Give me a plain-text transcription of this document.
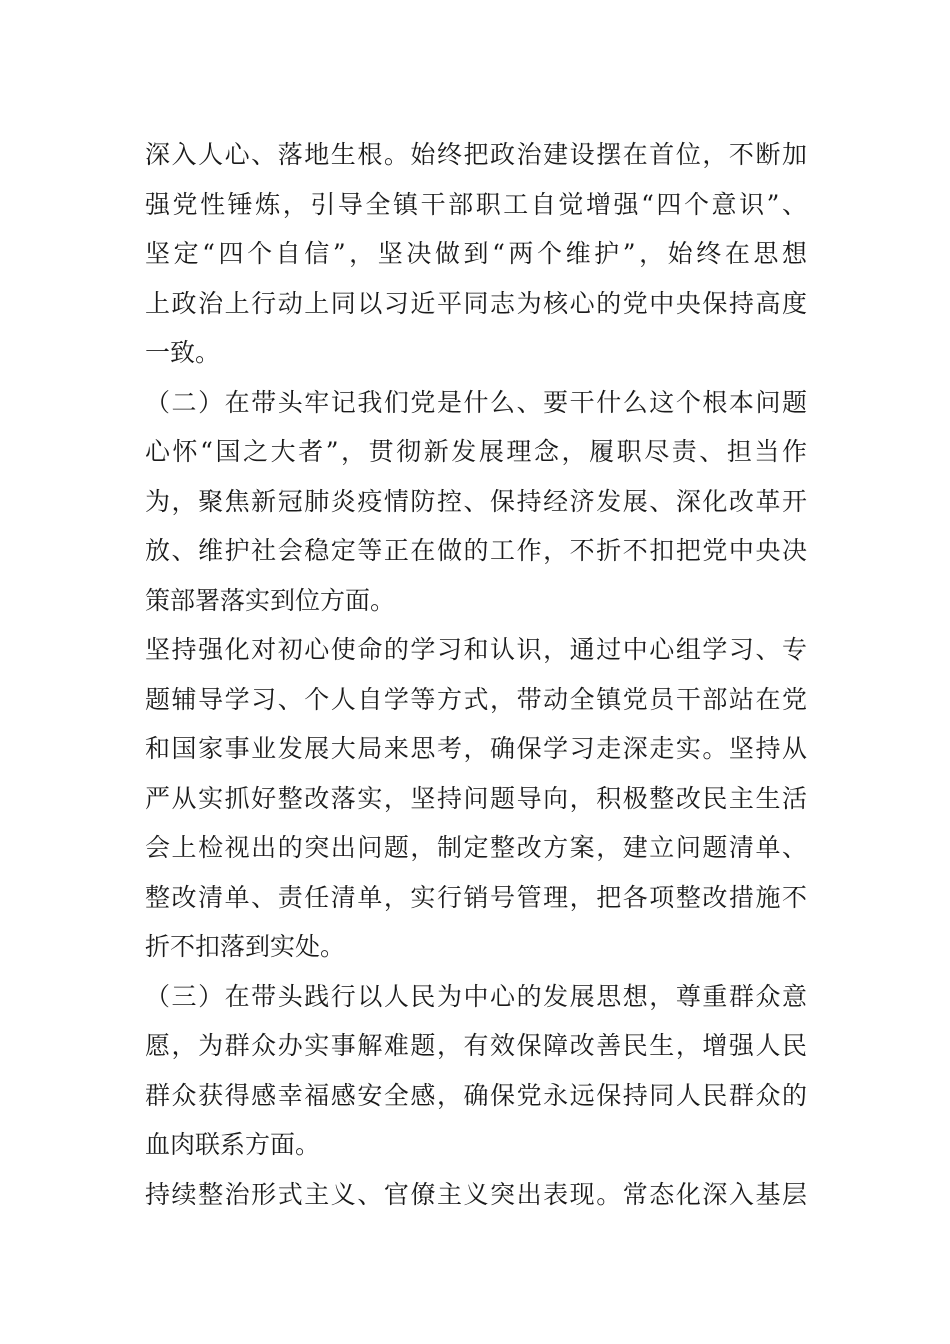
深入人心、落地生根。始终把政治建设摆在首位，不断加
强党性锤炼，引导全镇干部职工自觉增强“四个意识”、
坚定“四个自信”，坚决做到“两个维护”，始终在思想
上政治上行动上同以习近平同志为核心的党中央保持高度
一致。
（二）在带头牢记我们党是什么、要干什么这个根本问题
心怀“国之大者”，贯彻新发展理念，履职尽责、担当作
为，聚焦新冠肺炎疫情防控、保持经济发展、深化改革开
放、维护社会稳定等正在做的工作，不折不扣把党中央决
策部署落实到位方面。
坚持强化对初心使命的学习和认识，通过中心组学习、专
题辅导学习、个人自学等方式，带动全镇党员干部站在党
和国家事业发展大局来思考，确保学习走深走实。坚持从
严从实抓好整改落实，坚持问题导向，积极整改民主生活
会上检视出的突出问题，制定整改方案，建立问题清单、
整改清单、责任清单，实行销号管理，把各项整改措施不
折不扣落到实处。
（三）在带头践行以人民为中心的发展思想，尊重群众意
愿，为群众办实事解难题，有效保障改善民生，增强人民
群众获得感幸福感安全感，确保党永远保持同人民群众的
血肉联系方面。
持续整治形式主义、官僚主义突出表现。常态化深入基层
